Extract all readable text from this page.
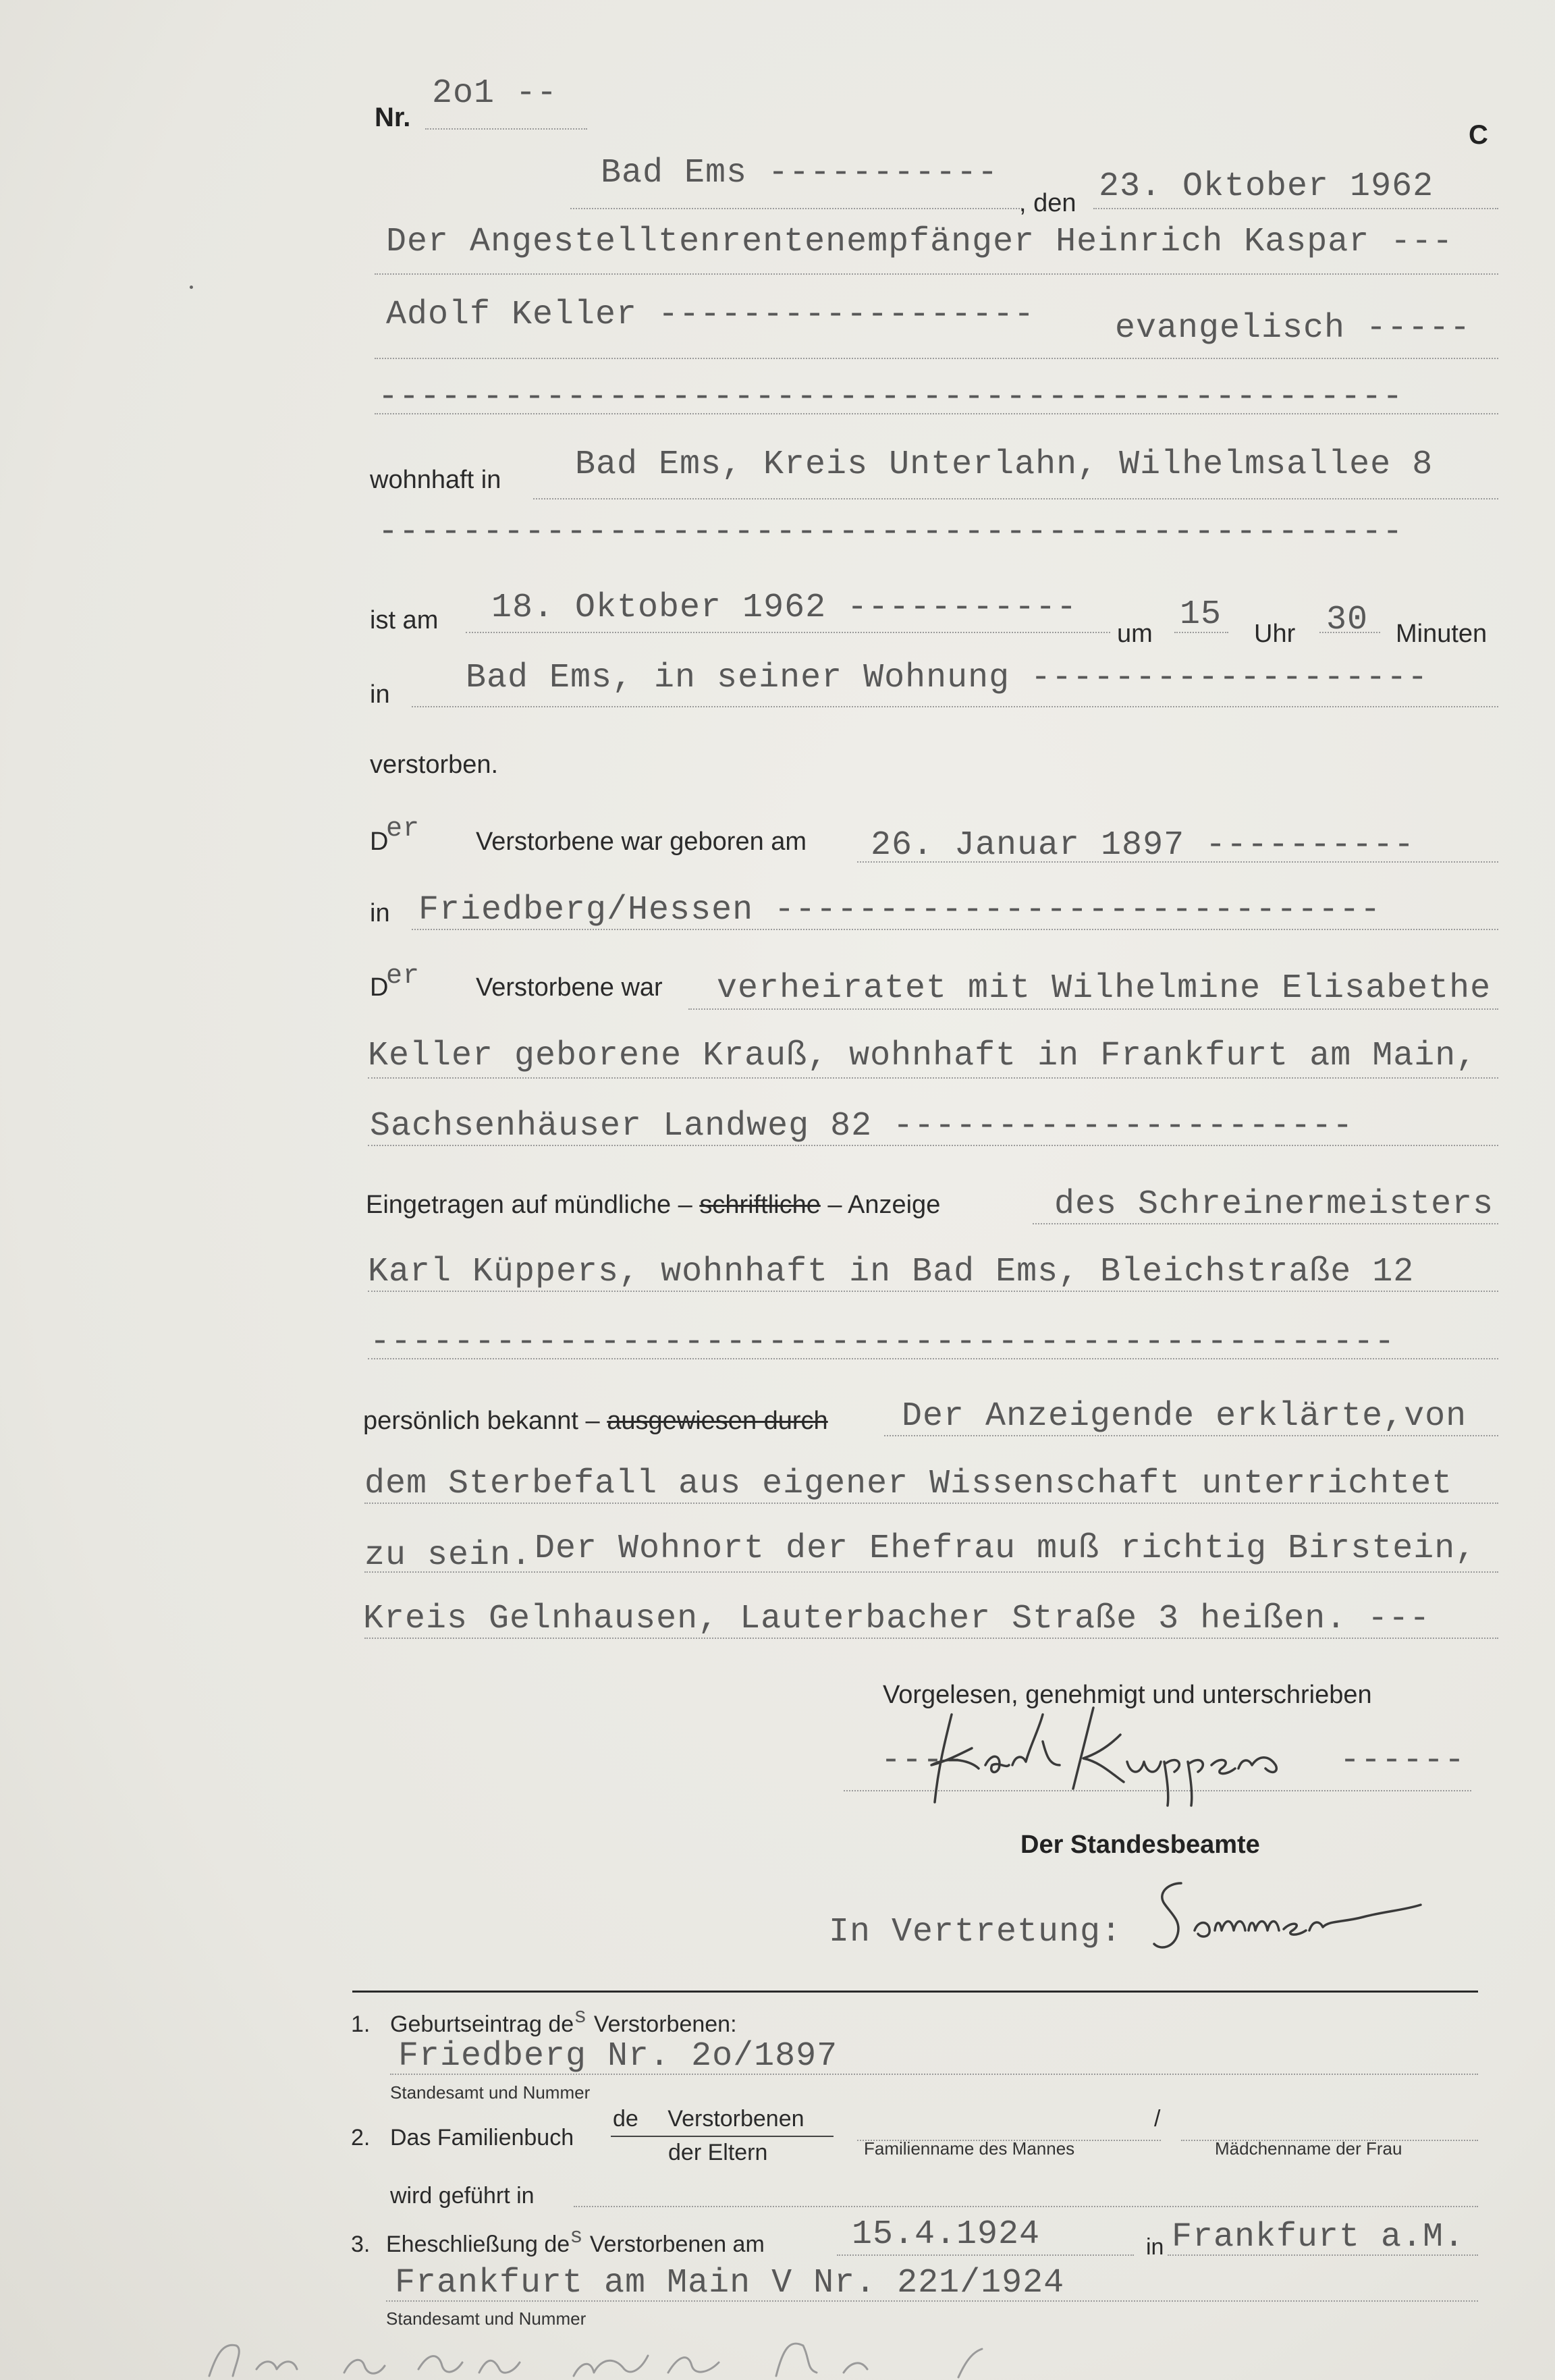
Nr.
2o1 --
C
Bad Ems -----------
, den 23. Oktober 1962
Der Angestelltenrentenempfänger Heinrich Kaspar ---
Adolf Keller ------------------ evangelisch -----
-------------------------------------------------
wohnhaft in Bad Ems, Kreis Unterlahn, Wilhelmsallee 8
-------------------------------------------------
ist am 18. Oktober 1962 -----------
um 15 Uhr 30 Minuten
in Bad Ems, in seiner Wohnung -------------------
verstorben.
D
er Verstorbene war geboren am 26. Januar 1897 ----------
in Friedberg/Hessen -----------------------------
D
er Verstorbene war verheiratet mit Wilhelmine Elisabethe
Keller geborene Krauß, wohnhaft in Frankfurt am Main,
Sachsenhäuser Landweg 82 ----------------------
Eingetragen auf mündliche – schriftliche – Anzeige	des Schreinermeisters
Karl Küppers, wohnhaft in Bad Ems, Bleichstraße 12
-------------------------------------------------
persönlich bekannt – ausgewiesen durch Der Anzeigende erklärte,von
dem Sterbefall aus eigener Wissenschaft unterrichtet
zu sein. Der Wohnort der Ehefrau muß richtig Birstein,
Kreis Gelnhausen, Lauterbacher Straße 3 heißen. ---
Vorgelesen, genehmigt und unterschrieben
----	------
Der Standesbeamte
In Vertretung:
1. Geburtseintrag des Verstorbenen:
Friedberg Nr. 2o/1897
Standesamt und Nummer
2. Das Familienbuch
de Verstorbenen
der Eltern
/
Familienname des Mannes	Mädchenname der Frau
wird geführt in
3. Eheschließung des Verstorbenen am	15.4.1924	in Frankfurt a.M.
Frankfurt am Main V Nr. 221/1924
Standesamt und Nummer
